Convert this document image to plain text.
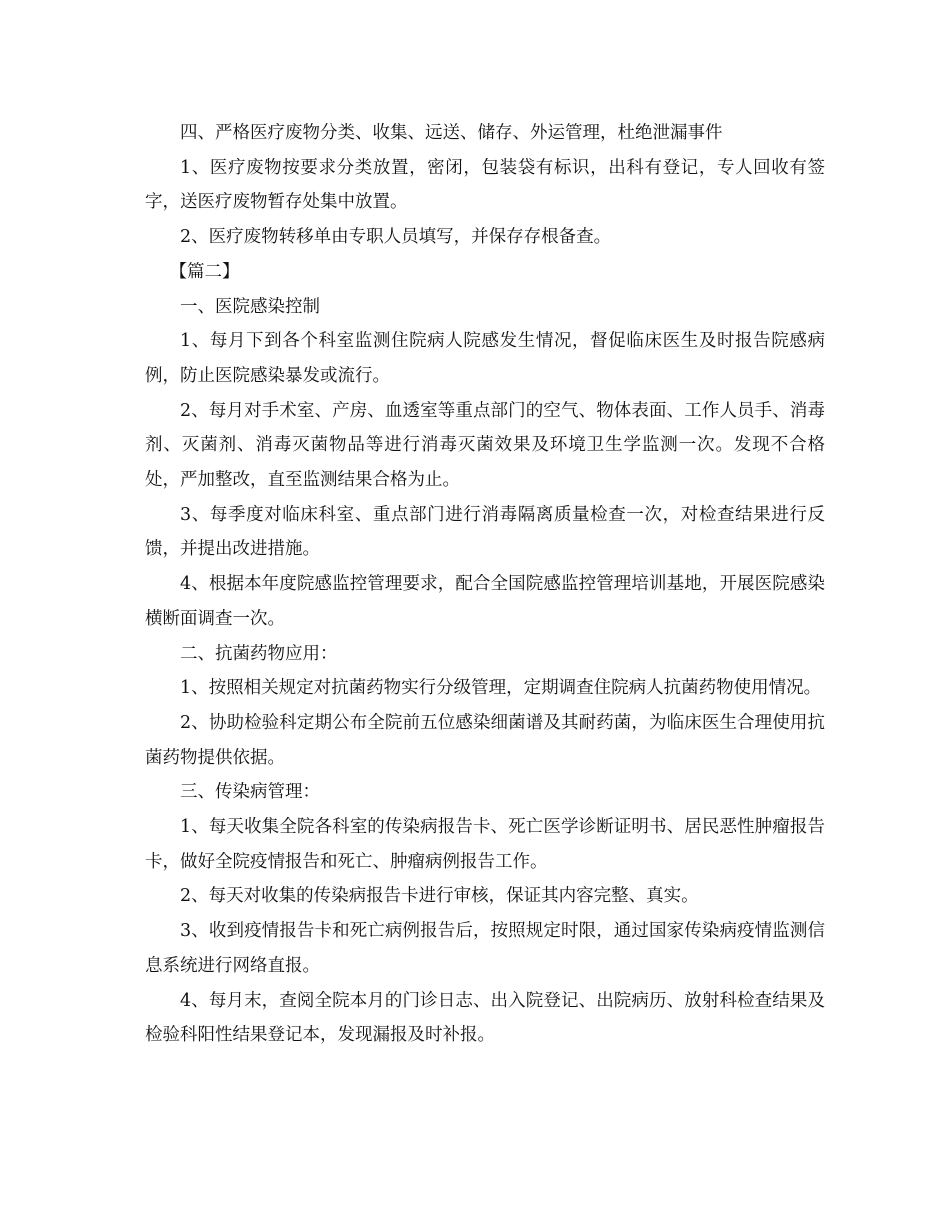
四、严格医疗废物分类、收集、远送、储存、外运管理，杜绝泄漏事件

1、医疗废物按要求分类放置，密闭，包装袋有标识，出科有登记，专人回收有签字，送医疗废物暂存处集中放置。

2、医疗废物转移单由专职人员填写，并保存存根备查。

【篇二】

一、医院感染控制

1、每月下到各个科室监测住院病人院感发生情况，督促临床医生及时报告院感病例，防止医院感染暴发或流行。

2、每月对手术室、产房、血透室等重点部门的空气、物体表面、工作人员手、消毒剂、灭菌剂、消毒灭菌物品等进行消毒灭菌效果及环境卫生学监测一次。发现不合格处，严加整改，直至监测结果合格为止。

3、每季度对临床科室、重点部门进行消毒隔离质量检查一次，对检查结果进行反馈，并提出改进措施。

4、根据本年度院感监控管理要求，配合全国院感监控管理培训基地，开展医院感染横断面调查一次。

二、抗菌药物应用：

1、按照相关规定对抗菌药物实行分级管理，定期调查住院病人抗菌药物使用情况。

2、协助检验科定期公布全院前五位感染细菌谱及其耐药菌，为临床医生合理使用抗菌药物提供依据。

三、传染病管理：

1、每天收集全院各科室的传染病报告卡、死亡医学诊断证明书、居民恶性肿瘤报告卡，做好全院疫情报告和死亡、肿瘤病例报告工作。

2、每天对收集的传染病报告卡进行审核，保证其内容完整、真实。

3、收到疫情报告卡和死亡病例报告后，按照规定时限，通过国家传染病疫情监测信息系统进行网络直报。

4、每月末，查阅全院本月的门诊日志、出入院登记、出院病历、放射科检查结果及检验科阳性结果登记本，发现漏报及时补报。
